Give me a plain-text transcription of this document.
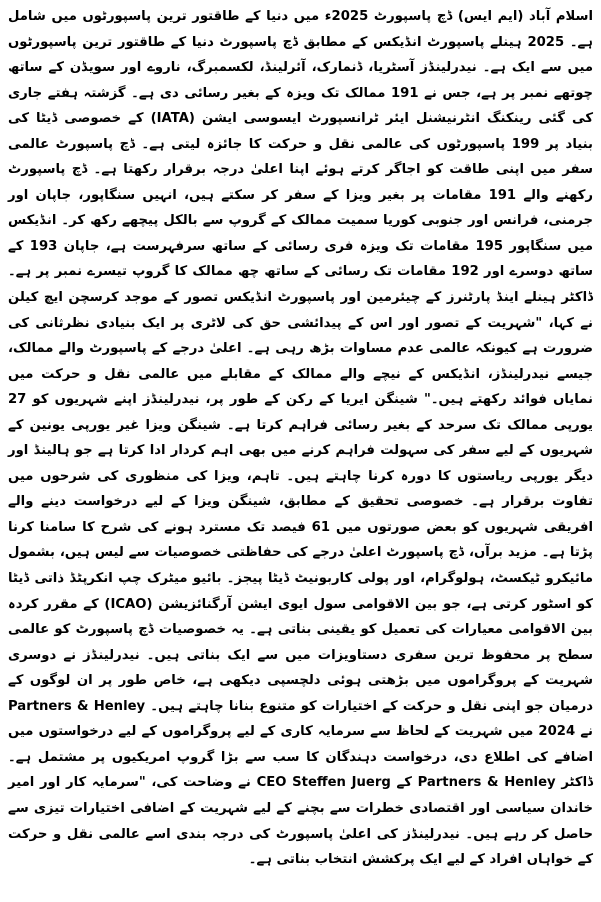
اسلام آباد (ایم ایس) ڈچ پاسپورٹ 2025ء میں دنیا کے طاقتور ترین پاسپورٹوں میں شامل ہے۔ 2025 ہینلے پاسپورٹ انڈیکس کے مطابق ڈچ پاسپورٹ دنیا کے طاقتور ترین پاسپورٹوں میں سے ایک ہے۔ نیدرلینڈز آسٹریا، ڈنمارک، آئرلینڈ، لکسمبرگ، ناروے اور سویڈن کے ساتھ چوتھے نمبر پر ہے، جس نے 191 ممالک تک ویزہ کے بغیر رسائی دی ہے۔ گزشتہ ہفتے جاری کی گئی رینکنگ انٹرنیشنل ایئر ٹرانسپورٹ ایسوسی ایشن (IATA) کے خصوصی ڈیٹا کی بنیاد پر 199 پاسپورٹوں کی عالمی نقل و حرکت کا جائزہ لیتی ہے۔ ڈچ پاسپورٹ عالمی سفر میں اپنی طاقت کو اجاگر کرتے ہوئے اپنا اعلیٰ درجہ برقرار رکھتا ہے۔ ڈچ پاسپورٹ رکھنے والے 191 مقامات پر بغیر ویزا کے سفر کر سکتے ہیں، انہیں سنگاپور، جاپان اور جرمنی، فرانس اور جنوبی کوریا سمیت ممالک کے گروپ سے بالکل پیچھے رکھ کر۔ انڈیکس میں سنگاپور 195 مقامات تک ویزہ فری رسائی کے ساتھ سرفہرست ہے، جاپان 193 کے ساتھ دوسرے اور 192 مقامات تک رسائی کے ساتھ چھ ممالک کا گروپ تیسرے نمبر پر ہے۔ ڈاکٹر ہینلے اینڈ پارٹنرز کے چیئرمین اور پاسپورٹ انڈیکس تصور کے موجد کرسچن ایچ کیلن نے کہا، "شہریت کے تصور اور اس کے پیدائشی حق کی لاٹری پر ایک بنیادی نظرثانی کی ضرورت ہے کیونکہ عالمی عدم مساوات بڑھ رہی ہے۔ اعلیٰ درجے کے پاسپورٹ والے ممالک، جیسے نیدرلینڈز، انڈیکس کے نیچے والے ممالک کے مقابلے میں عالمی نقل و حرکت میں نمایاں فوائد رکھتے ہیں۔" شینگن ایریا کے رکن کے طور پر، نیدرلینڈز اپنے شہریوں کو 27 یورپی ممالک تک سرحد کے بغیر رسائی فراہم کرتا ہے۔ شینگن ویزا غیر یورپی یونین کے شہریوں کے لیے سفر کی سہولت فراہم کرنے میں بھی اہم کردار ادا کرتا ہے جو ہالینڈ اور دیگر یورپی ریاستوں کا دورہ کرنا چاہتے ہیں۔ تاہم، ویزا کی منظوری کی شرحوں میں تفاوت برقرار ہے۔ خصوصی تحقیق کے مطابق، شینگن ویزا کے لیے درخواست دینے والے افریقی شہریوں کو بعض صورتوں میں 61 فیصد تک مسترد ہونے کی شرح کا سامنا کرنا پڑتا ہے۔ مزید برآں، ڈچ پاسپورٹ اعلیٰ درجے کی حفاظتی خصوصیات سے لیس ہیں، بشمول مائیکرو ٹیکسٹ، ہولوگرام، اور پولی کاربونیٹ ڈیٹا پیجز۔ بائیو میٹرک چپ انکرپٹڈ ذاتی ڈیٹا کو اسٹور کرتی ہے، جو بین الاقوامی سول ایوی ایشن آرگنائزیشن (ICAO) کے مقرر کردہ بین الاقوامی معیارات کی تعمیل کو یقینی بناتی ہے۔ یہ خصوصیات ڈچ پاسپورٹ کو عالمی سطح پر محفوظ ترین سفری دستاویزات میں سے ایک بناتی ہیں۔ نیدرلینڈز نے دوسری شہریت کے پروگراموں میں بڑھتی ہوئی دلچسپی دیکھی ہے، خاص طور پر ان لوگوں کے درمیان جو اپنی نقل و حرکت کے اختیارات کو متنوع بنانا چاہتے ہیں۔ Partners & Henley نے 2024 میں شہریت کے لحاظ سے سرمایہ کاری کے لیے پروگراموں کے لیے درخواستوں میں اضافے کی اطلاع دی، درخواست دہندگان کا سب سے بڑا گروپ امریکیوں پر مشتمل ہے۔ ڈاکٹر Partners & Henley کے CEO Steffen Juerg نے وضاحت کی، "سرمایہ کار اور امیر خاندان سیاسی اور اقتصادی خطرات سے بچنے کے لیے شہریت کے اضافی اختیارات تیزی سے حاصل کر رہے ہیں۔ نیدرلینڈز کی اعلیٰ پاسپورٹ کی درجہ بندی اسے عالمی نقل و حرکت کے خواہاں افراد کے لیے ایک پرکشش انتخاب بناتی ہے۔
